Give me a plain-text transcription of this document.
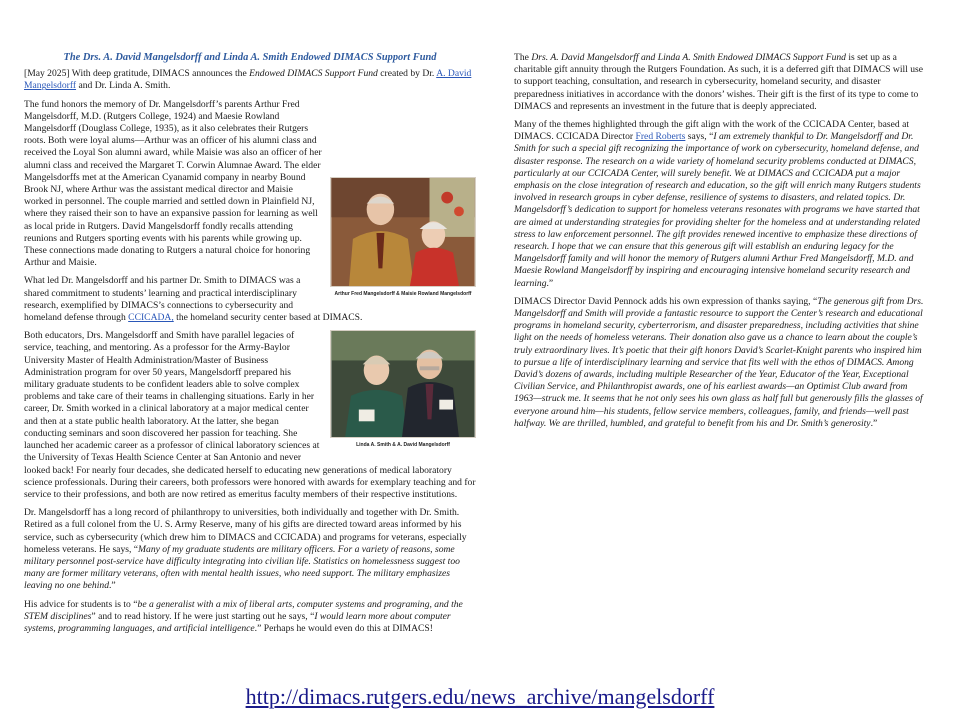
The Drs. A. David Mangelsdorff and Linda A. Smith Endowed DIMACS Support Fund

[May 2025] With deep gratitude, DIMACS announces the Endowed DIMACS Support Fund created by Dr. A. David Mangelsdorff and Dr. Linda A. Smith.

Arthur Fred Mangelsdorff & Maisie Rowland Mangelsdorff

The fund honors the memory of Dr. Mangelsdorff’s parents Arthur Fred Mangelsdorff, M.D. (Rutgers College, 1924) and Maesie Rowland Mangelsdorff (Douglass College, 1935), as it also celebrates their Rutgers roots. Both were loyal alums—Arthur was an officer of his alumni class and received the Loyal Son alumni award, while Maisie was also an officer of her alumni class and received the Margaret T. Corwin Alumnae Award. The elder Mangelsdorffs met at the American Cyanamid company in nearby Bound Brook NJ, where Arthur was the assistant medical director and Maisie worked in personnel. The couple married and settled down in Plainfield NJ, where they raised their son to have an expansive passion for learning as well as local pride in Rutgers. David Mangelsdorff fondly recalls attending reunions and Rutgers sporting events with his parents while growing up. These connections made donating to Rutgers a natural choice for honoring Arthur and Maisie.

What led Dr. Mangelsdorff and his partner Dr. Smith to DIMACS was a shared commitment to students’ learning and practical interdisciplinary research, exemplified by DIMACS’s connections to cybersecurity and homeland defense through CCICADA, the homeland security center based at DIMACS.

Linda A. Smith & A. David Mangelsdorff

Both educators, Drs. Mangelsdorff and Smith have parallel legacies of service, teaching, and mentoring. As a professor for the Army-Baylor University Master of Health Administration/Master of Business Administration program for over 50 years, Mangelsdorff prepared his military graduate students to be confident leaders able to solve complex problems and take care of their teams in challenging situations. Early in her career, Dr. Smith worked in a clinical laboratory at a major medical center and then at a state public health laboratory. At the latter, she began conducting seminars and soon discovered her passion for teaching. She launched her academic career as a professor of clinical laboratory sciences at the University of Texas Health Science Center at San Antonio and never looked back! For nearly four decades, she dedicated herself to educating new generations of medical laboratory science professionals. During their careers, both professors were honored with awards for exemplary teaching and for service to their professions, and both are now retired as emeritus faculty members of their respective institutions.

Dr. Mangelsdorff has a long record of philanthropy to universities, both individually and together with Dr. Smith. Retired as a full colonel from the U. S. Army Reserve, many of his gifts are directed toward areas informed by his service, such as cybersecurity (which drew him to DIMACS and CCICADA) and programs for veterans, especially homeless veterans. He says, “Many of my graduate students are military officers. For a variety of reasons, some military personnel post-service have difficulty integrating into civilian life. Statistics on homelessness suggest too many are former military veterans, often with mental health issues, who need support. The military emphasizes leaving no one behind.”

His advice for students is to “be a generalist with a mix of liberal arts, computer systems and programing, and the STEM disciplines” and to read history. If he were just starting out he says, “I would learn more about computer systems, programming languages, and artificial intelligence.” Perhaps he would even do this at DIMACS!

The Drs. A. David Mangelsdorff and Linda A. Smith Endowed DIMACS Support Fund is set up as a charitable gift annuity through the Rutgers Foundation. As such, it is a deferred gift that DIMACS will use to support teaching, consultation, and research in cybersecurity, homeland security, and disaster preparedness initiatives in accordance with the donors’ wishes. Their gift is the first of its type to come to DIMACS and represents an investment in the future that is deeply appreciated.

Many of the themes highlighted through the gift align with the work of the CCICADA Center, based at DIMACS. CCICADA Director Fred Roberts says, “I am extremely thankful to Dr. Mangelsdorff and Dr. Smith for such a special gift recognizing the importance of work on cybersecurity, homeland defense, and disaster response. The research on a wide variety of homeland security problems conducted at DIMACS, particularly at our CCICADA Center, will surely benefit. We at DIMACS and CCICADA put a major emphasis on the close integration of research and education, so the gift will enrich many Rutgers students involved in research groups in cyber defense, resilience of systems to disasters, and related topics. Dr. Mangelsdorff’s dedication to support for homeless veterans resonates with programs we have started that are aimed at understanding strategies for providing shelter for the homeless and at understanding related stress to law enforcement personnel. The gift provides renewed incentive to emphasize these directions of research. I hope that we can ensure that this generous gift will establish an enduring legacy for the Mangelsdorff family and will honor the memory of Rutgers alumni Arthur Fred Mangelsdorff, M.D. and Maesie Rowland Mangelsdorff by inspiring and encouraging intensive homeland security research and learning.”

DIMACS Director David Pennock adds his own expression of thanks saying, “The generous gift from Drs. Mangelsdorff and Smith will provide a fantastic resource to support the Center’s research and educational programs in homeland security, cyberterrorism, and disaster preparedness, including activities that shine light on the needs of homeless veterans. Their donation also gave us a chance to learn about the couple’s truly extraordinary lives. It’s poetic that their gift honors David’s Scarlet-Knight parents who inspired him to pursue a life of interdisciplinary learning and service that fits well with the ethos of DIMACS. Among David’s dozens of awards, including multiple Researcher of the Year, Educator of the Year, Exceptional Civilian Service, and Philanthropist awards, one of his earliest awards—an Optimist Club award from 1963—struck me. It seems that he not only sees his own glass as half full but generously fills the glasses of everyone around him—his students, fellow service members, colleagues, family, and friends—well past halfway. We are thrilled, humbled, and grateful to benefit from his and Dr. Smith’s generosity.”

http://dimacs.rutgers.edu/news_archive/mangelsdorff
